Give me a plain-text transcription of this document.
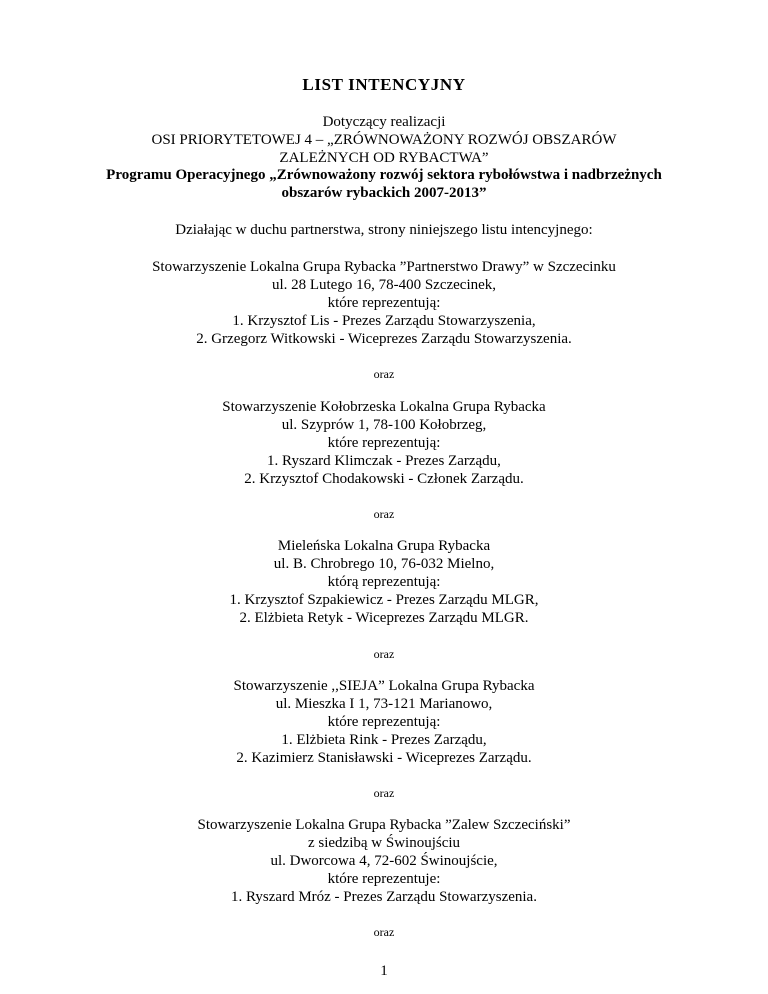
LIST INTENCYJNY
Dotyczący realizacji
OSI PRIORYTETOWEJ 4 – „ZRÓWNOWAŻONY ROZWÓJ OBSZARÓW
ZALEŻNYCH OD RYBACTWA”
Programu Operacyjnego „Zrównoważony rozwój sektora rybołówstwa i nadbrzeżnych
obszarów rybackich 2007-2013”
Działając w duchu partnerstwa, strony niniejszego listu intencyjnego:
Stowarzyszenie Lokalna Grupa Rybacka ”Partnerstwo Drawy” w Szczecinku
ul. 28 Lutego 16, 78-400 Szczecinek,
które reprezentują:
1. Krzysztof Lis - Prezes Zarządu Stowarzyszenia,
2. Grzegorz Witkowski - Wiceprezes Zarządu Stowarzyszenia.
oraz
Stowarzyszenie Kołobrzeska Lokalna Grupa Rybacka
ul. Szyprów 1, 78-100 Kołobrzeg,
które reprezentują:
1. Ryszard Klimczak - Prezes Zarządu,
2. Krzysztof Chodakowski - Członek Zarządu.
oraz
Mieleńska Lokalna Grupa Rybacka
ul. B. Chrobrego 10, 76-032 Mielno,
którą reprezentują:
1. Krzysztof Szpakiewicz - Prezes Zarządu MLGR,
2. Elżbieta Retyk - Wiceprezes Zarządu MLGR.
oraz
Stowarzyszenie ,,SIEJA” Lokalna Grupa Rybacka
ul. Mieszka I 1, 73-121 Marianowo,
które reprezentują:
1. Elżbieta Rink - Prezes Zarządu,
2. Kazimierz Stanisławski - Wiceprezes Zarządu.
oraz
Stowarzyszenie Lokalna Grupa Rybacka ”Zalew Szczeciński”
z siedzibą w Świnoujściu
ul. Dworcowa 4, 72-602 Świnoujście,
które reprezentuje:
1. Ryszard Mróz - Prezes Zarządu Stowarzyszenia.
oraz
1
